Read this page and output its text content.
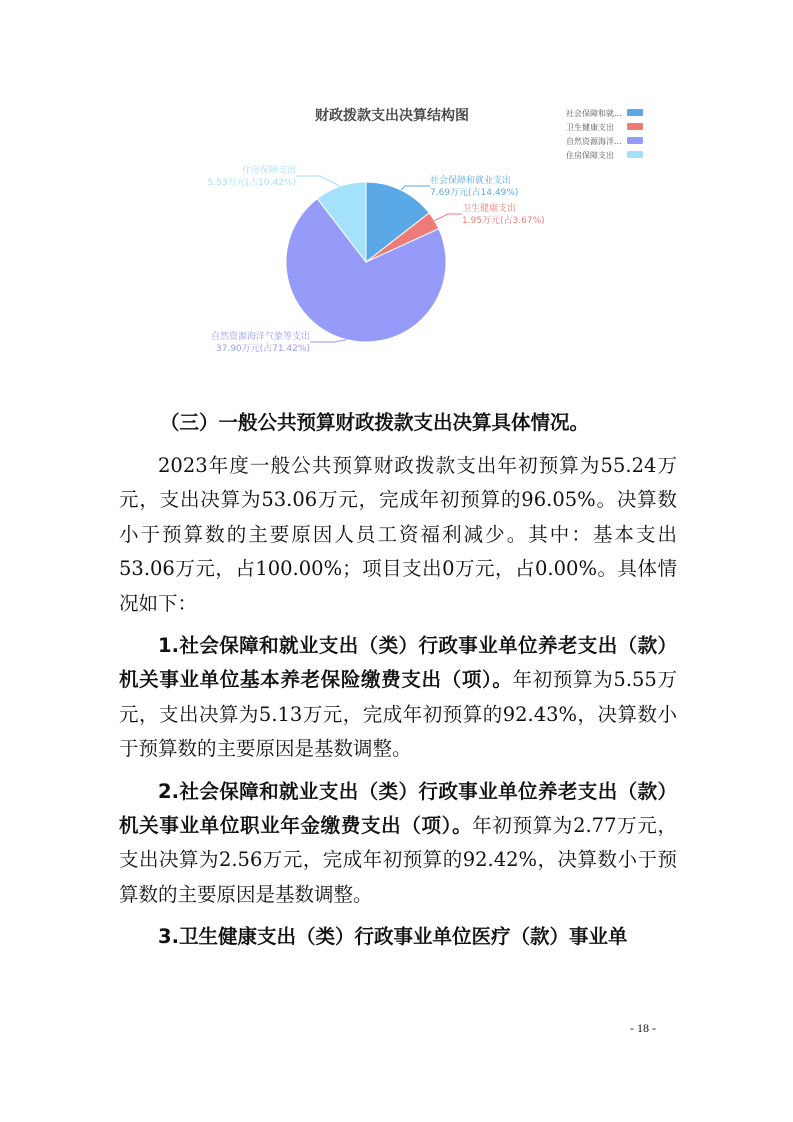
财政拨款支出决算结构图
社会保障和就业支出
7.69万元(占14.49%)
卫生健康支出
1.95万元(占3.67%)
自然资源海洋气象等支出
37.90万元(占71.42%)
住房保障支出
5.53万元(占10.42%)
社会保障和就...
卫生健康支出
自然资源海洋...
住房保障支出
（三）一般公共预算财政拨款支出决算具体情况。

2023年度一般公共预算财政拨款支出年初预算为55.24万元，支出决算为53.06万元，完成年初预算的96.05%。决算数小于预算数的主要原因人员工资福利减少。其中：基本支出53.06万元，占100.00%；项目支出0万元，占0.00%。具体情况如下：

1.社会保障和就业支出（类）行政事业单位养老支出（款）机关事业单位基本养老保险缴费支出（项）。年初预算为5.55万元，支出决算为5.13万元，完成年初预算的92.43%，决算数小于预算数的主要原因是基数调整。

2.社会保障和就业支出（类）行政事业单位养老支出（款）机关事业单位职业年金缴费支出（项）。年初预算为2.77万元，支出决算为2.56万元，完成年初预算的92.42%，决算数小于预算数的主要原因是基数调整。

3.卫生健康支出（类）行政事业单位医疗（款）事业单

- 18 -
